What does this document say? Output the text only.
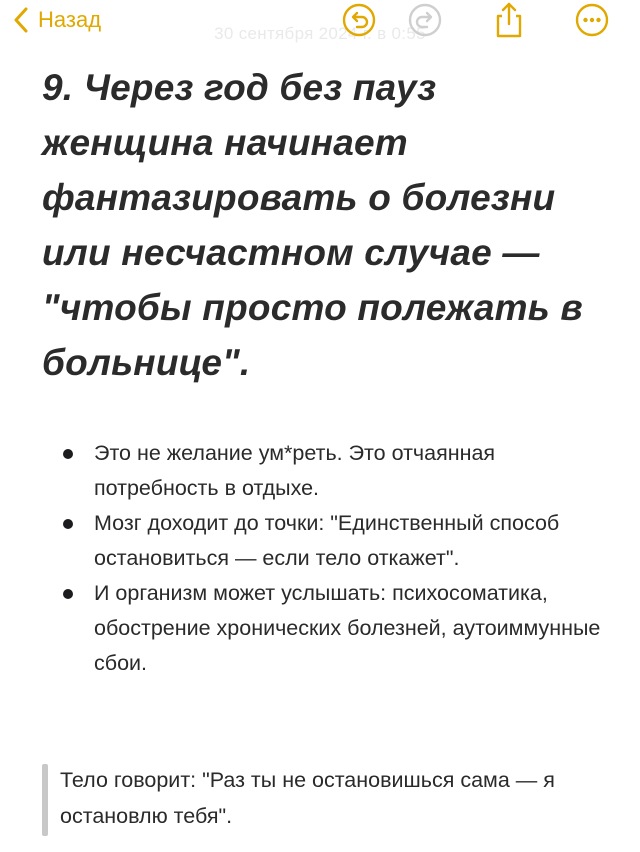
Назад
30 сентября 2024 г. в 0:55
9. Через год без пауз женщина начинает фантазировать о болезни или несчастном случае — "чтобы просто полежать в больнице".
Это не желание ум*реть. Это отчаянная потребность в отдыхе.
Мозг доходит до точки: "Единственный способ остановиться — если тело откажет".
И организм может услышать: психосоматика, обострение хронических болезней, аутоиммунные сбои.

Тело говорит: "Раз ты не остановишься сама — я остановлю тебя".
